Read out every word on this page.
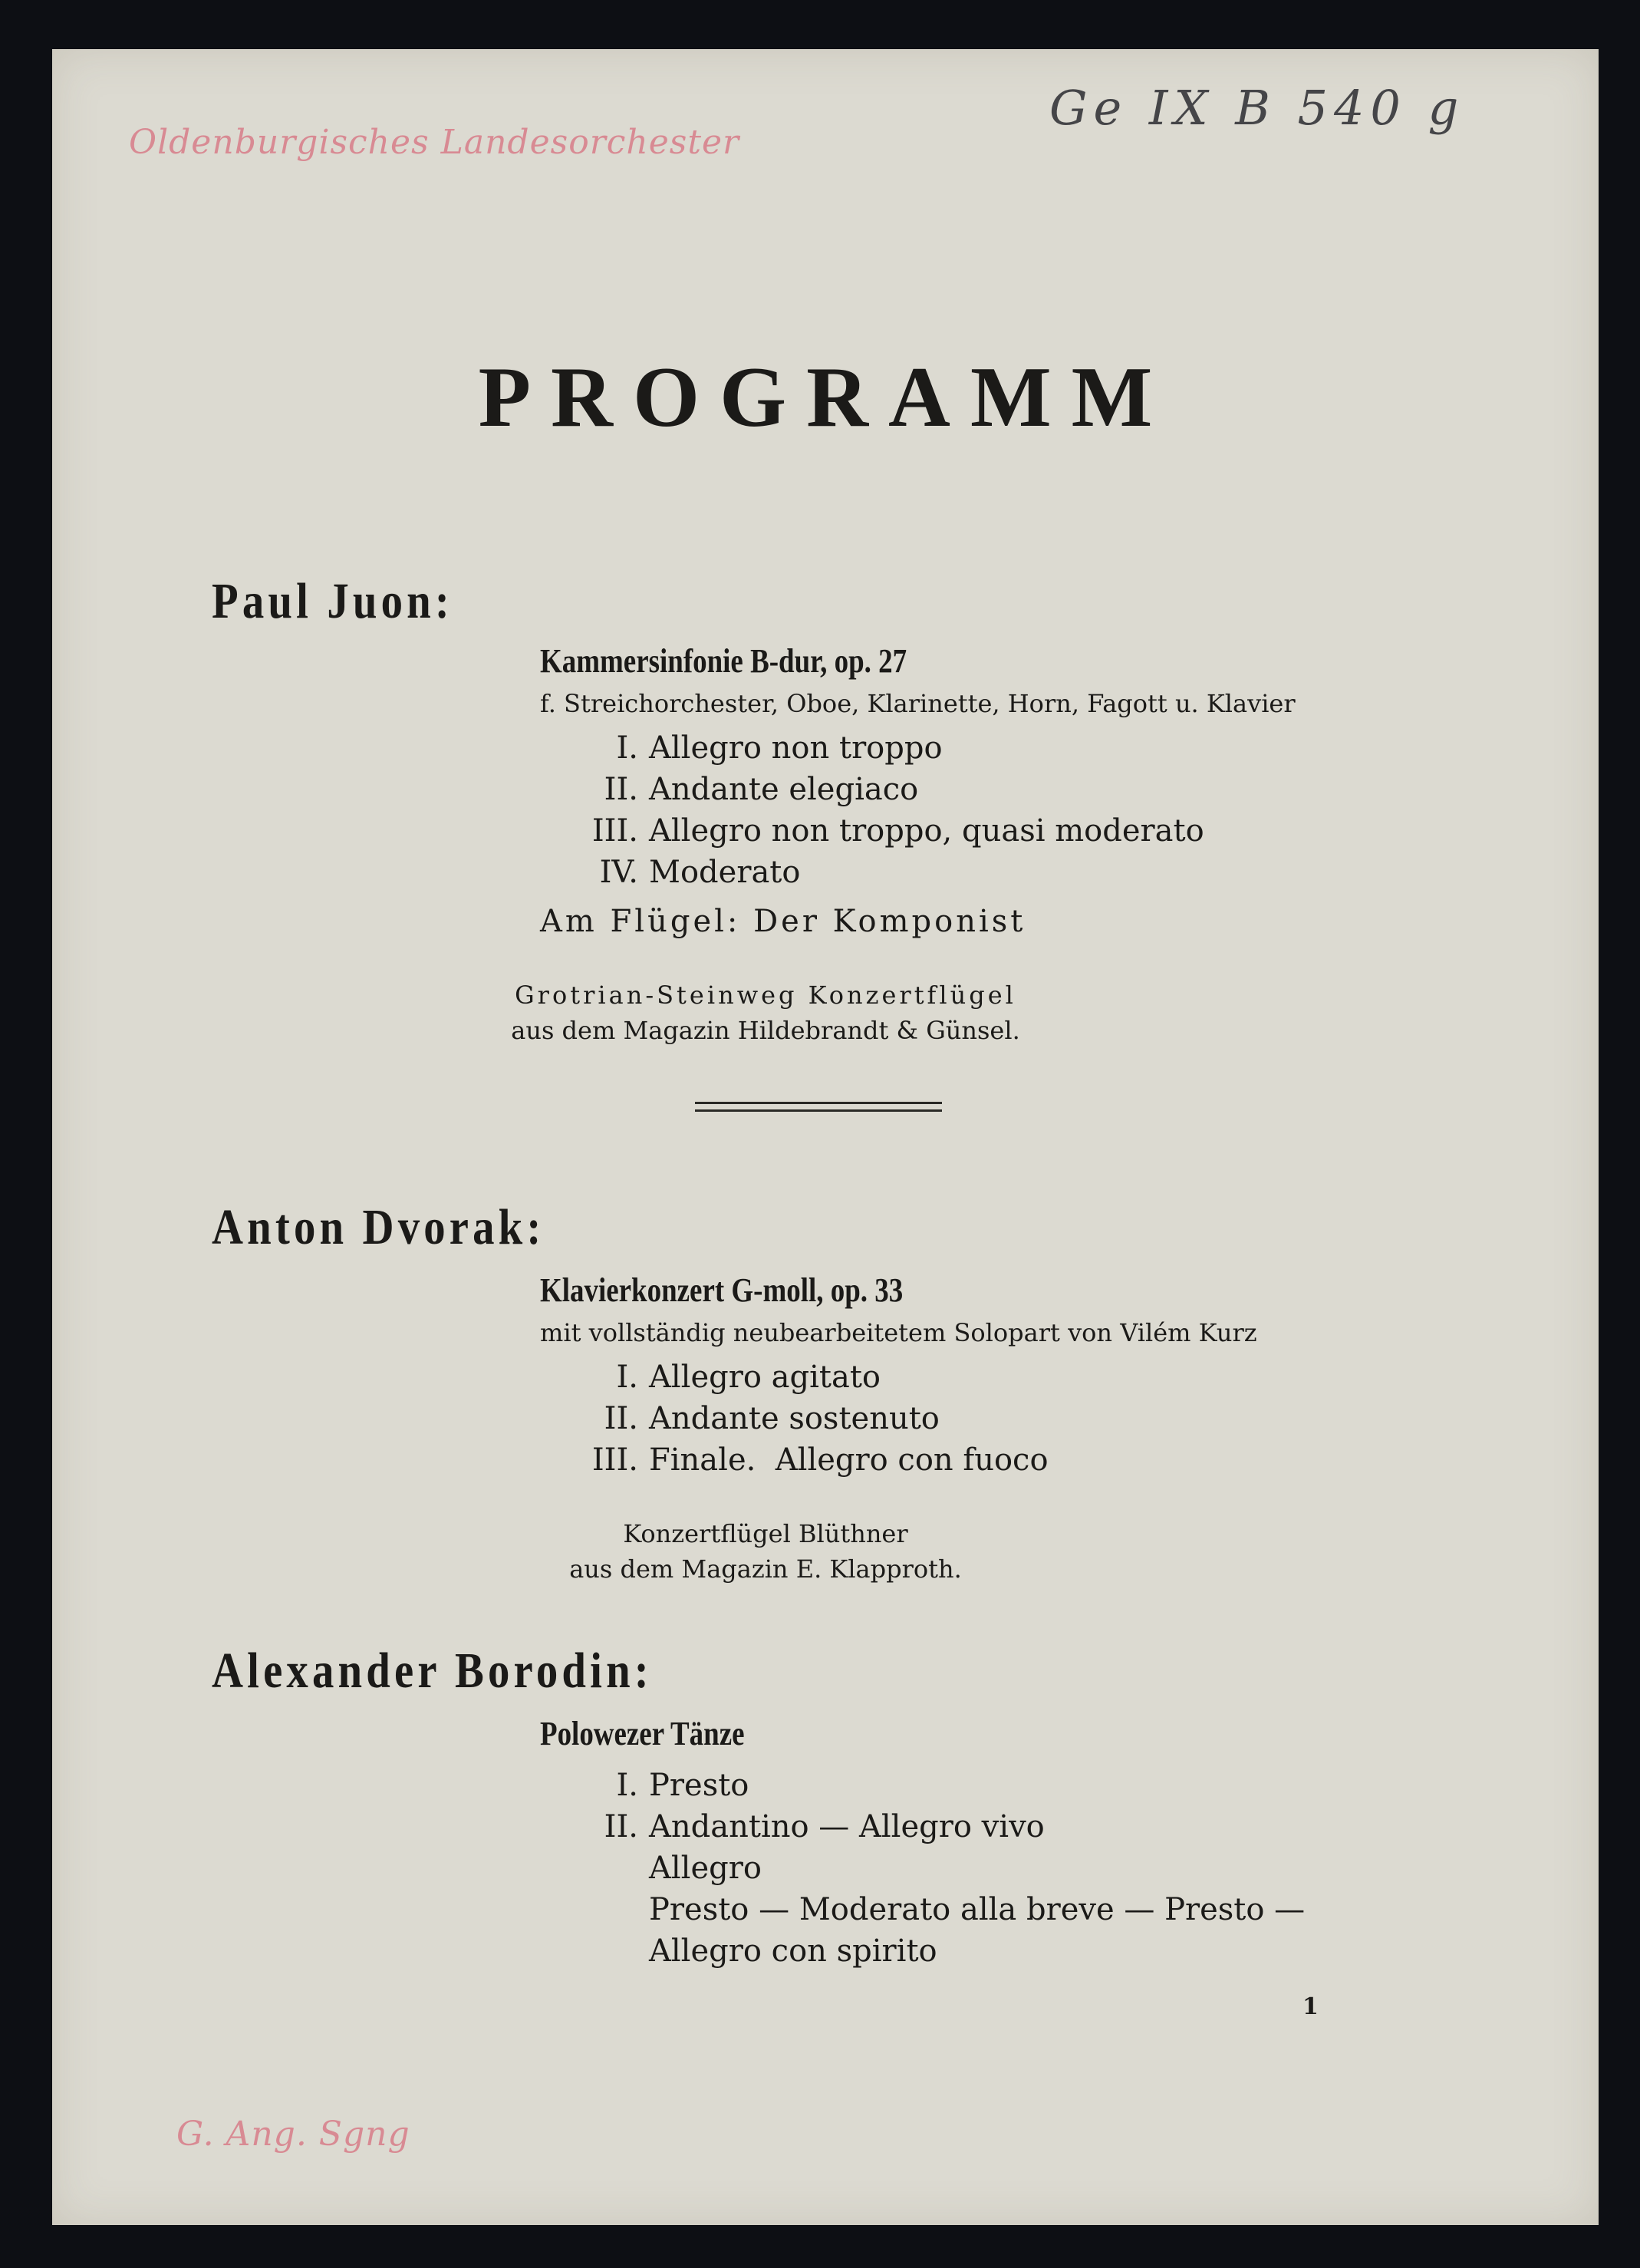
Oldenburgisches Landesorchester
Ge IX B 540 g
PROGRAMM
Paul Juon:
Kammersinfonie B-dur, op. 27
f. Streichorchester, Oboe, Klarinette, Horn, Fagott u. Klavier
I. Allegro non troppo
II. Andante elegiaco
III. Allegro non troppo, quasi moderato
IV. Moderato
Am Flügel: Der Komponist
Grotrian-Steinweg Konzertflügel
aus dem Magazin Hildebrandt & Günsel.
Anton Dvorak:
Klavierkonzert G-moll, op. 33
mit vollständig neubearbeitetem Solopart von Vilém Kurz
I. Allegro agitato
II. Andante sostenuto
III. Finale.  Allegro con fuoco
Konzertflügel Blüthner
aus dem Magazin E. Klapproth.
Alexander Borodin:
Polowezer Tänze
I. Presto
II. Andantino — Allegro vivo
Allegro
Presto — Moderato alla breve — Presto —
Allegro con spirito
1
G. Ang. Sgng
